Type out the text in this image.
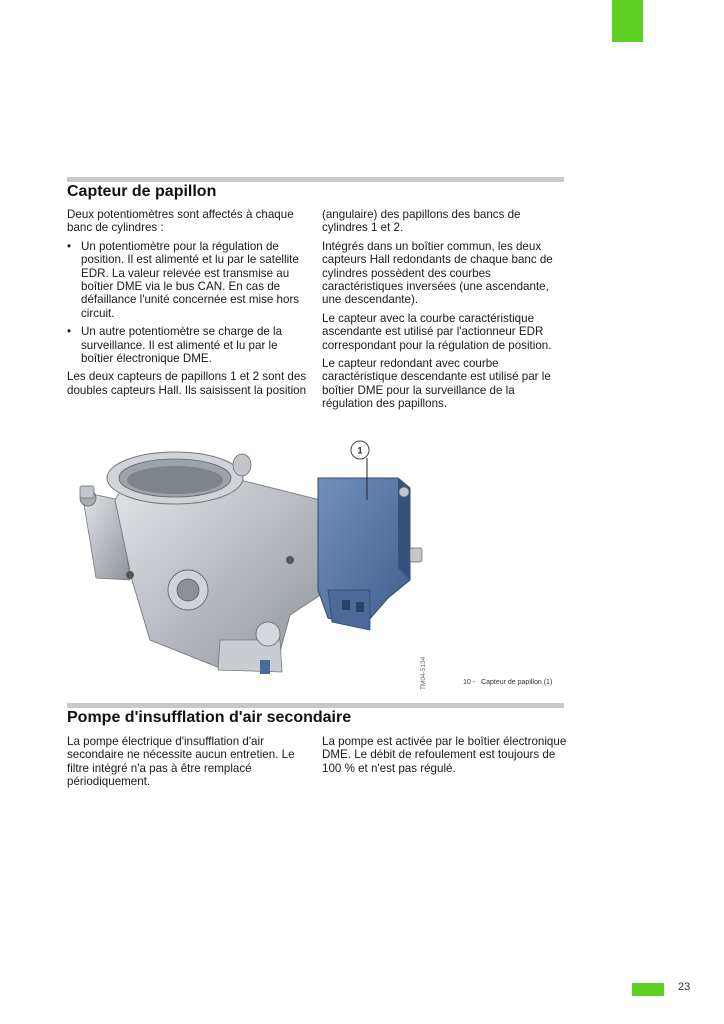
Capteur de papillon

Deux potentiomètres sont affectés à chaque banc de cylindres :

• Un potentiomètre pour la régulation de position. Il est alimenté et lu par le satellite EDR. La valeur relevée est transmise au boîtier DME via le bus CAN. En cas de défaillance l'unité concernée est mise hors circuit.
• Un autre potentiomètre se charge de la surveillance. Il est alimenté et lu par le boîtier électronique DME.

Les deux capteurs de papillons 1 et 2 sont des doubles capteurs Hall. Ils saisissent la position

(angulaire) des papillons des bancs de cylindres 1 et 2.

Intégrés dans un boîtier commun, les deux capteurs Hall redondants de chaque banc de cylindres possèdent des courbes caractéristiques inversées (une ascendante, une descendante).

Le capteur avec la courbe caractéristique ascendante est utilisé par l'actionneur EDR correspondant pour la régulation de position.

Le capteur redondant avec courbe caractéristique descendante est utilisé par le boîtier DME pour la surveillance de la régulation des papillons.

1
TM04-5134	10 - Capteur de papillon (1)
Pompe d'insufflation d'air secondaire

La pompe électrique d'insufflation d'air secondaire ne nécessite aucun entretien. Le filtre intégré n'a pas à être remplacé périodiquement.

La pompe est activée par le boîtier électronique DME. Le débit de refoulement est toujours de 100 % et n'est pas régulé.

23
